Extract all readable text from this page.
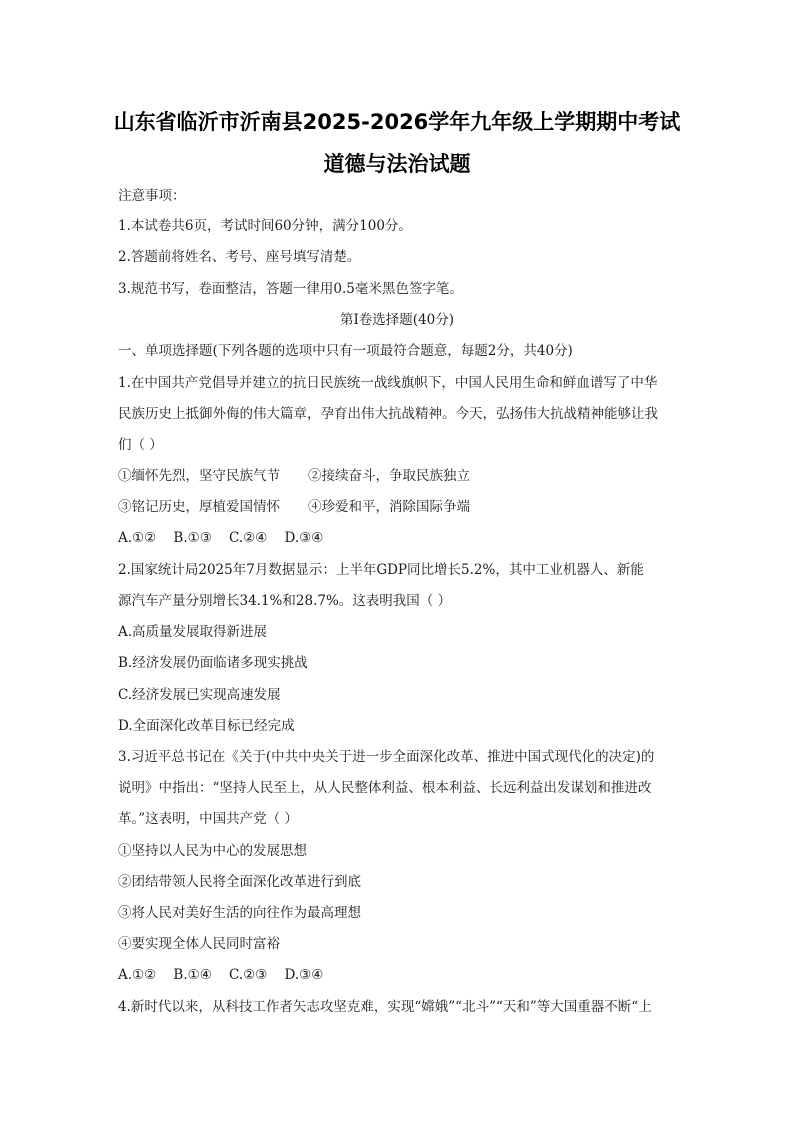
山东省临沂市沂南县2025-2026学年九年级上学期期中考试
道德与法治试题
注意事项：
1.本试卷共6页，考试时间60分钟，满分100分。
2.答题前将姓名、考号、座号填写清楚。
3.规范书写，卷面整洁，答题一律用0.5毫米黑色签字笔。
第Ⅰ卷选择题(40分)
一、单项选择题(下列各题的选项中只有一项最符合题意，每题2分，共40分)
1.在中国共产党倡导并建立的抗日民族统一战线旗帜下，中国人民用生命和鲜血谱写了中华
民族历史上抵御外侮的伟大篇章，孕育出伟大抗战精神。今天，弘扬伟大抗战精神能够让我
们（ ）
①缅怀先烈，坚守民族气节 ②接续奋斗，争取民族独立
③铭记历史，厚植爱国情怀 ④珍爱和平，消除国际争端
A.①②    B.①③    C.②④    D.③④
2.国家统计局2025年7月数据显示：上半年GDP同比增长5.2%，其中工业机器人、新能
源汽车产量分别增长34.1%和28.7%。这表明我国（ ）
A.高质量发展取得新进展
B.经济发展仍面临诸多现实挑战
C.经济发展已实现高速发展
D.全面深化改革目标已经完成
3.习近平总书记在《关于(中共中央关于进一步全面深化改革、推进中国式现代化的决定)的
说明》中指出：“坚持人民至上，从人民整体利益、根本利益、长远利益出发谋划和推进改
革。”这表明，中国共产党（ ）
①坚持以人民为中心的发展思想
②团结带领人民将全面深化改革进行到底
③将人民对美好生活的向往作为最高理想
④要实现全体人民同时富裕
A.①②    B.①④    C.②③    D.③④
4.新时代以来，从科技工作者矢志攻坚克难，实现“嫦娥”“北斗”“天和”等大国重器不断“上
